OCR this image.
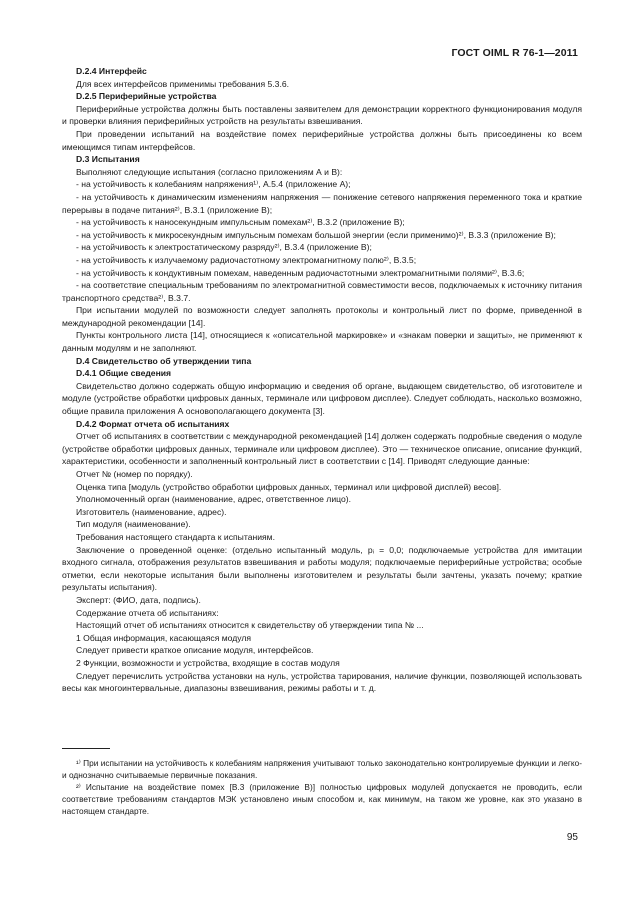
ГОСТ OIML R 76-1—2011

D.2.4 Интерфейс

Для всех интерфейсов применимы требования 5.3.6.

D.2.5 Периферийные устройства

Периферийные устройства должны быть поставлены заявителем для демонстрации корректного функционирования модуля и проверки влияния периферийных устройств на результаты взвешивания.

При проведении испытаний на воздействие помех периферийные устройства должны быть присоединены ко всем имеющимся типам интерфейсов.

D.3 Испытания

Выполняют следующие испытания (согласно приложениям А и В):

- на устойчивость к колебаниям напряжения¹⁾, А.5.4 (приложение А);

- на устойчивость к динамическим изменениям напряжения — понижение сетевого напряжения переменного тока и краткие перерывы в подаче питания²⁾, В.3.1 (приложение В);

- на устойчивость к наносекундным импульсным помехам²⁾, В.3.2 (приложение В);

- на устойчивость к микросекундным импульсным помехам большой энергии (если применимо)²⁾, В.3.3 (приложение В);

- на устойчивость к электростатическому разряду²⁾, В.3.4 (приложение В);

- на устойчивость к излучаемому радиочастотному электромагнитному полю²⁾, В.3.5;

- на устойчивость к кондуктивным помехам, наведенным радиочастотными электромагнитными полями²⁾, В.3.6;

- на соответствие специальным требованиям по электромагнитной совместимости весов, подключаемых к источнику питания транспортного средства²⁾, В.3.7.

При испытании модулей по возможности следует заполнять протоколы и контрольный лист по форме, приведенной в международной рекомендации [14].

Пункты контрольного листа [14], относящиеся к «описательной маркировке» и «знакам поверки и защиты», не применяют к данным модулям и не заполняют.

D.4 Свидетельство об утверждении типа

D.4.1 Общие сведения

Свидетельство должно содержать общую информацию и сведения об органе, выдающем свидетельство, об изготовителе и модуле (устройстве обработки цифровых данных, терминале или цифровом дисплее). Следует соблюдать, насколько возможно, общие правила приложения А основополагающего документа [3].

D.4.2 Формат отчета об испытаниях

Отчет об испытаниях в соответствии с международной рекомендацией [14] должен содержать подробные сведения о модуле (устройстве обработки цифровых данных, терминале или цифровом дисплее). Это — техническое описание, описание функций, характеристики, особенности и заполненный контрольный лист в соответствии с [14]. Приводят следующие данные:

Отчет № (номер по порядку).

Оценка типа [модуль (устройство обработки цифровых данных, терминал или цифровой дисплей) весов].

Уполномоченный орган (наименование, адрес, ответственное лицо).

Изготовитель (наименование, адрес).

Тип модуля (наименование).

Требования настоящего стандарта к испытаниям.

Заключение о проведенной оценке: (отдельно испытанный модуль, pᵢ = 0,0; подключаемые устройства для имитации входного сигнала, отображения результатов взвешивания и работы модуля; подключаемые периферийные устройства; особые отметки, если некоторые испытания были выполнены изготовителем и результаты были зачтены, указать почему; краткие результаты испытания).

Эксперт: (ФИО, дата, подпись).

Содержание отчета об испытаниях:

Настоящий отчет об испытаниях относится к свидетельству об утверждении типа № ...

1 Общая информация, касающаяся модуля

Следует привести краткое описание модуля, интерфейсов.

2 Функции, возможности и устройства, входящие в состав модуля

Следует перечислить устройства установки на нуль, устройства тарирования, наличие функции, позволяющей использовать весы как многоинтервальные, диапазоны взвешивания, режимы работы и т. д.

¹⁾ При испытании на устойчивость к колебаниям напряжения учитывают только законодательно контролируемые функции и легко- и однозначно считываемые первичные показания.

²⁾ Испытание на воздействие помех [В.3 (приложение В)] полностью цифровых модулей допускается не проводить, если соответствие требованиям стандартов МЭК установлено иным способом и, как минимум, на таком же уровне, как это указано в настоящем стандарте.

95
